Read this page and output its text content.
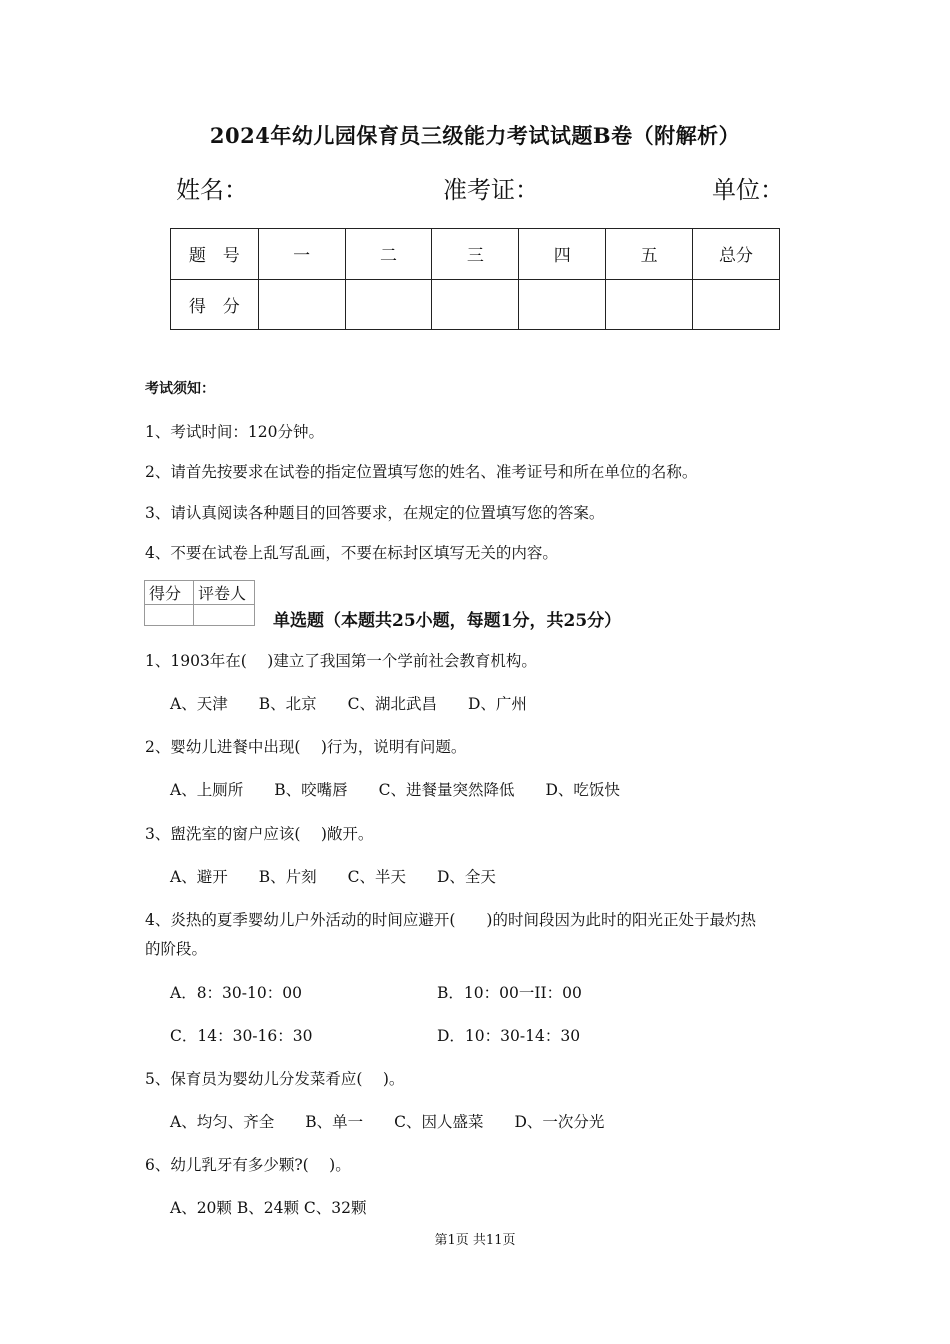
2024年幼儿园保育员三级能力考试试题B卷（附解析）
姓名：	准考证：	单位：
题　号	一	二	三	四	五	总分
得　分						
考试须知：
1、考试时间：120分钟。
2、请首先按要求在试卷的指定位置填写您的姓名、准考证号和所在单位的名称。
3、请认真阅读各种题目的回答要求，在规定的位置填写您的答案。
4、不要在试卷上乱写乱画，不要在标封区填写无关的内容。
得分	评卷人

单选题（本题共25小题，每题1分，共25分）
1、1903年在(　 )建立了我国第一个学前社会教育机构。
A、天津　　B、北京　　C、湖北武昌　　D、广州
2、婴幼儿进餐中出现(　 )行为，说明有问题。
A、上厕所　　B、咬嘴唇　　C、进餐量突然降低　　D、吃饭快
3、盥洗室的窗户应该(　 )敞开。
A、避开　　B、片刻　　C、半天　　D、全天
4、炎热的夏季婴幼儿户外活动的时间应避开(　　)的时间段因为此时的阳光正处于最灼热
的阶段。
A．8：30-10：00	B．10：00一II：00
C．14：30-16：30	D．10：30-14：30
5、保育员为婴幼儿分发菜肴应(　 )。
A、均匀、齐全　　B、单一　　C、因人盛菜　　D、一次分光
6、幼儿乳牙有多少颗?(　 )。
A、20颗 B、24颗 C、32颗
第1页 共11页
